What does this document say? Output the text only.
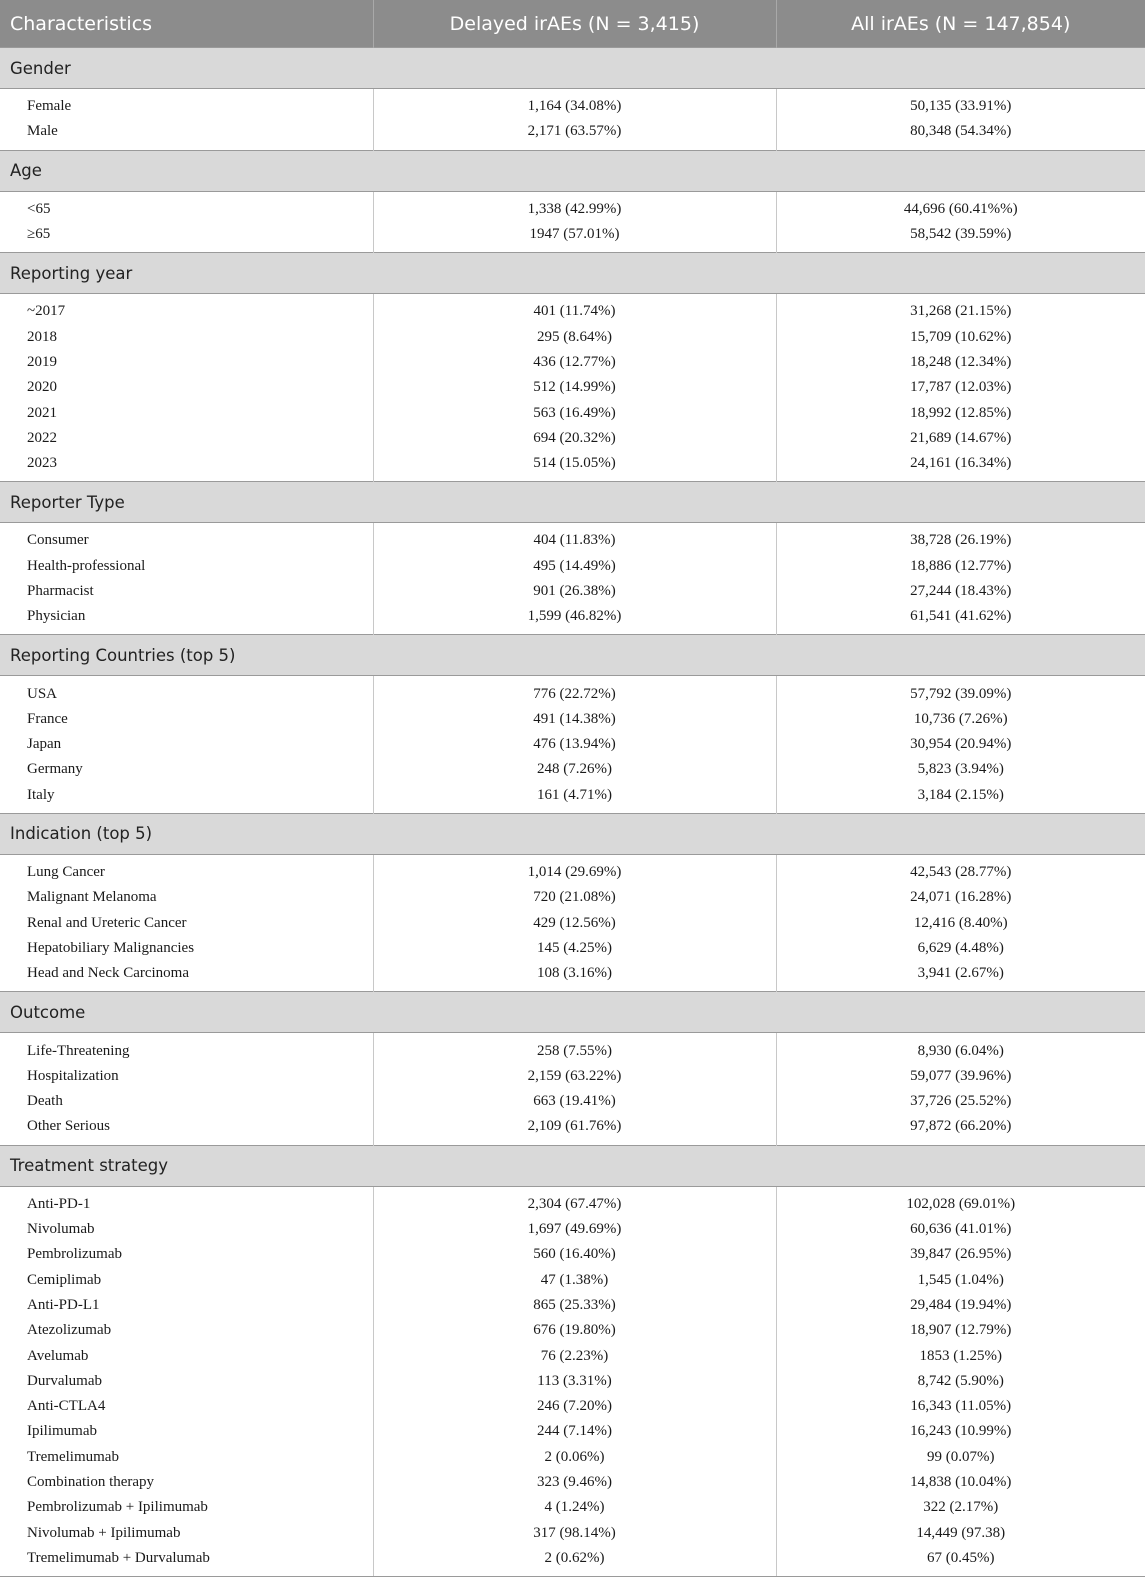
Characteristics	Delayed irAEs (N = 3,415)	All irAEs (N = 147,854)
Gender		
Female	1,164 (34.08%)	50,135 (33.91%)
Male	2,171 (63.57%)	80,348 (54.34%)
Age		
<65	1,338 (42.99%)	44,696 (60.41%%)
≥65	1947 (57.01%)	58,542 (39.59%)
Reporting year		
~2017	401 (11.74%)	31,268 (21.15%)
2018	295 (8.64%)	15,709 (10.62%)
2019	436 (12.77%)	18,248 (12.34%)
2020	512 (14.99%)	17,787 (12.03%)
2021	563 (16.49%)	18,992 (12.85%)
2022	694 (20.32%)	21,689 (14.67%)
2023	514 (15.05%)	24,161 (16.34%)
Reporter Type		
Consumer	404 (11.83%)	38,728 (26.19%)
Health-professional	495 (14.49%)	18,886 (12.77%)
Pharmacist	901 (26.38%)	27,244 (18.43%)
Physician	1,599 (46.82%)	61,541 (41.62%)
Reporting Countries (top 5)		
USA	776 (22.72%)	57,792 (39.09%)
France	491 (14.38%)	10,736 (7.26%)
Japan	476 (13.94%)	30,954 (20.94%)
Germany	248 (7.26%)	5,823 (3.94%)
Italy	161 (4.71%)	3,184 (2.15%)
Indication (top 5)		
Lung Cancer	1,014 (29.69%)	42,543 (28.77%)
Malignant Melanoma	720 (21.08%)	24,071 (16.28%)
Renal and Ureteric Cancer	429 (12.56%)	12,416 (8.40%)
Hepatobiliary Malignancies	145 (4.25%)	6,629 (4.48%)
Head and Neck Carcinoma	108 (3.16%)	3,941 (2.67%)
Outcome		
Life-Threatening	258 (7.55%)	8,930 (6.04%)
Hospitalization	2,159 (63.22%)	59,077 (39.96%)
Death	663 (19.41%)	37,726 (25.52%)
Other Serious	2,109 (61.76%)	97,872 (66.20%)
Treatment strategy		
Anti-PD-1	2,304 (67.47%)	102,028 (69.01%)
Nivolumab	1,697 (49.69%)	60,636 (41.01%)
Pembrolizumab	560 (16.40%)	39,847 (26.95%)
Cemiplimab	47 (1.38%)	1,545 (1.04%)
Anti-PD-L1	865 (25.33%)	29,484 (19.94%)
Atezolizumab	676 (19.80%)	18,907 (12.79%)
Avelumab	76 (2.23%)	1853 (1.25%)
Durvalumab	113 (3.31%)	8,742 (5.90%)
Anti-CTLA4	246 (7.20%)	16,343 (11.05%)
Ipilimumab	244 (7.14%)	16,243 (10.99%)
Tremelimumab	2 (0.06%)	99 (0.07%)
Combination therapy	323 (9.46%)	14,838 (10.04%)
Pembrolizumab + Ipilimumab	4 (1.24%)	322 (2.17%)
Nivolumab + Ipilimumab	317 (98.14%)	14,449 (97.38)
Tremelimumab + Durvalumab	2 (0.62%)	67 (0.45%)
